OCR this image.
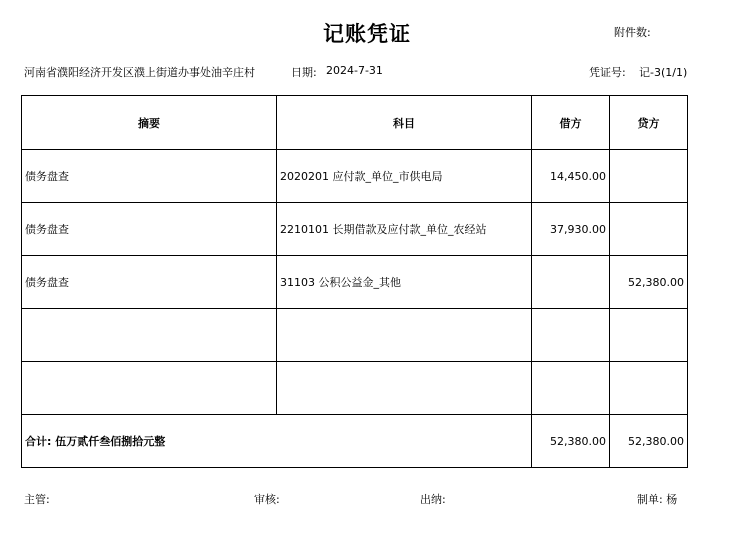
记账凭证	附件数:
河南省濮阳经济开发区濮上街道办事处油辛庄村	日期: 2024-7-31	凭证号: 记-3(1/1)
摘要	科目	借方	贷方
债务盘查	2020201 应付款_单位_市供电局	14,450.00	
债务盘查	2210101 长期借款及应付款_单位_农经站	37,930.00	
债务盘查	31103 公积公益金_其他		52,380.00

合计: 伍万贰仟叁佰捌拾元整		52,380.00	52,380.00
主管:	审核:	出纳:	制单: 杨
